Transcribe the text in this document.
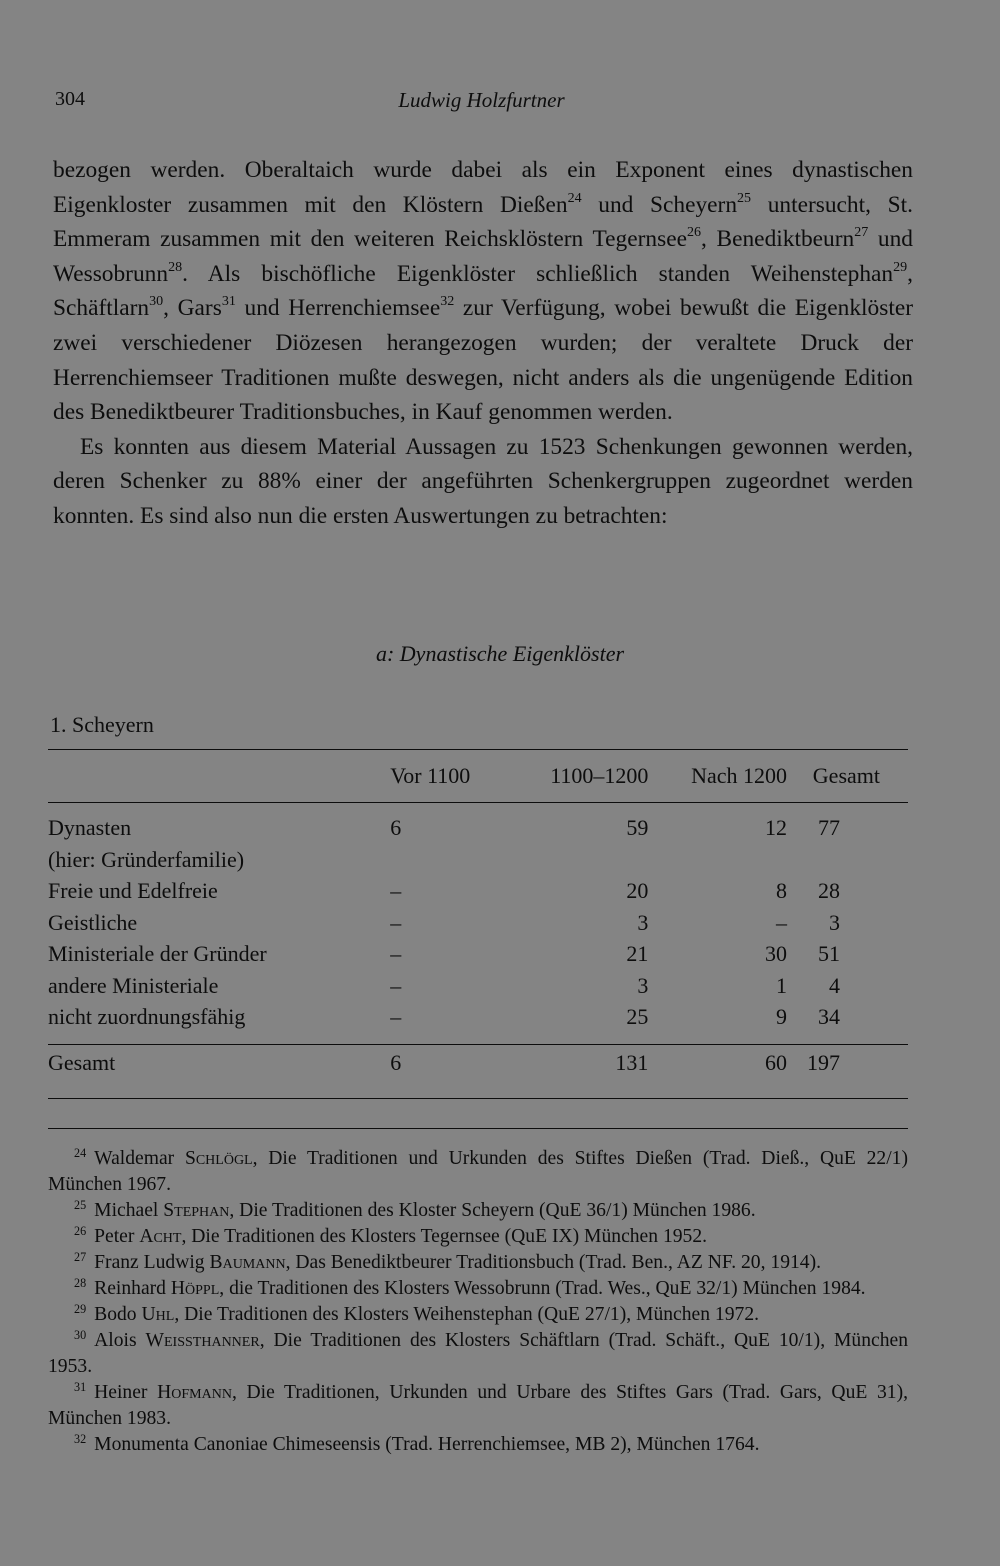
304	Ludwig Holzfurtner

bezogen werden. Oberaltaich wurde dabei als ein Exponent eines dynastischen Eigenkloster zusammen mit den Klöstern Dießen$^{24}$ und Scheyern$^{25}$ untersucht, St. Emmeram zusammen mit den weiteren Reichsklöstern Tegernsee$^{26}$, Benediktbeurn$^{27}$ und Wessobrunn$^{28}$. Als bischöfliche Eigenklöster schließlich standen Weihenstephan$^{29}$, Schäftlarn$^{30}$, Gars$^{31}$ und Herrenchiemsee$^{32}$ zur Verfügung, wobei bewußt die Eigenklöster zwei verschiedener Diözesen herangezogen wurden; der veraltete Druck der Herrenchiemseer Traditionen mußte deswegen, nicht anders als die ungenügende Edition des Benediktbeurer Traditionsbuches, in Kauf genommen werden.

Es konnten aus diesem Material Aussagen zu 1523 Schenkungen gewonnen werden, deren Schenker zu 88% einer der angeführten Schenkergruppen zugeordnet werden konnten. Es sind also nun die ersten Auswertungen zu betrachten:

a: Dynastische Eigenklöster
1. Scheyern
	Vor 1100	1100–1200	Nach 1200	Gesamt

Dynasten	6	59	12	77
(hier: Gründerfamilie)				
Freie und Edelfreie	–	20	8	28
Geistliche	–	3	–	3
Ministeriale der Gründer	–	21	30	51
andere Ministeriale	–	3	1	4
nicht zuordnungsfähig	–	25	9	34
Gesamt	6	131	60	197

$^{24}$ Waldemar Schlögl, Die Traditionen und Urkunden des Stiftes Dießen (Trad. Dieß., QuE 22/1) München 1967.

$^{25}$ Michael Stephan, Die Traditionen des Kloster Scheyern (QuE 36/1) München 1986.

$^{26}$ Peter Acht, Die Traditionen des Klosters Tegernsee (QuE IX) München 1952.

$^{27}$ Franz Ludwig Baumann, Das Benediktbeurer Traditionsbuch (Trad. Ben., AZ NF. 20, 1914).

$^{28}$ Reinhard Höppl, die Traditionen des Klosters Wessobrunn (Trad. Wes., QuE 32/1) München 1984.

$^{29}$ Bodo Uhl, Die Traditionen des Klosters Weihenstephan (QuE 27/1), München 1972.

$^{30}$ Alois Weissthanner, Die Traditionen des Klosters Schäftlarn (Trad. Schäft., QuE 10/1), München 1953.

$^{31}$ Heiner Hofmann, Die Traditionen, Urkunden und Urbare des Stiftes Gars (Trad. Gars, QuE 31), München 1983.

$^{32}$ Monumenta Canoniae Chimeseensis (Trad. Herrenchiemsee, MB 2), München 1764.
